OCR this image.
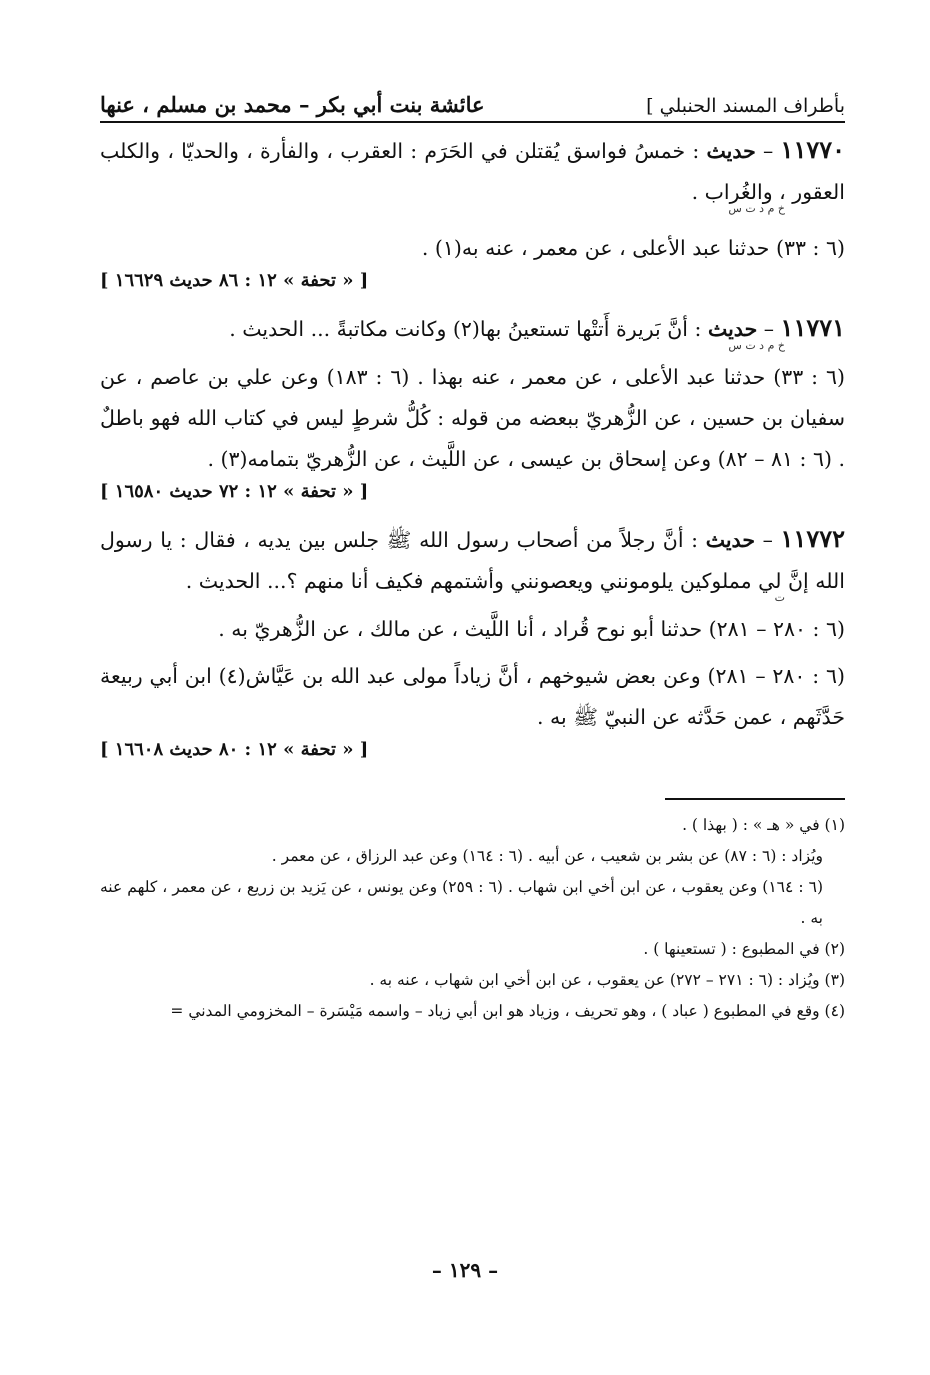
بأطراف المسند الحنبلي ]
عائشة بنت أبي بكر – محمد بن مسلم ، عنها

١١٧٧٠ – حديث : خمسُ فواسق يُقتلن في الحَرَم : العقرب ، والفأرة ، والحديّا ، والكلب العقور ، والغُراب .

خ م د ت س

(٦ : ٣٣) حدثنا عبد الأعلى ، عن معمر ، عنه به(١) .

[ « تحفة » ١٢ : ٨٦ حديث ١٦٦٢٩ ]

١١٧٧١ – حديث : أنَّ بَريرة أَتتْها تستعينُ بها(٢) وكانت مكاتبةً ... الحديث .

خ م د ت س

(٦ : ٣٣) حدثنا عبد الأعلى ، عن معمر ، عنه بهذا . (٦ : ١٨٣) وعن علي بن عاصم ، عن سفيان بن حسين ، عن الزُّهريّ ببعضه من قوله : كُلُّ شرطٍ ليس في كتاب الله فهو باطلٌ . (٦ : ٨١ – ٨٢) وعن إسحاق بن عيسى ، عن اللَّيث ، عن الزُّهريّ بتمامه(٣) .

[ « تحفة » ١٢ : ٧٢ حديث ١٦٥٨٠ ]

١١٧٧٢ – حديث : أنَّ رجلاً من أصحاب رسول الله ﷺ جلس بين يديه ، فقال : يا رسول الله إنَّ لي مملوكين يلومونني ويعصونني وأشتمهم فكيف أنا منهم ؟... الحديث .

ت

(٦ : ٢٨٠ – ٢٨١) حدثنا أبو نوح قُراد ، أنا اللَّيث ، عن مالك ، عن الزُّهريّ به .

(٦ : ٢٨٠ – ٢٨١) وعن بعض شيوخهم ، أنَّ زياداً مولى عبد الله بن عَيَّاش(٤) ابن أبي ربيعة حَدَّثَهم ، عمن حَدَّثه عن النبيّ ﷺ به .

[ « تحفة » ١٢ : ٨٠ حديث ١٦٦٠٨ ]

(١) في « هـ » : ( بهذا ) .

ويُزاد : (٦ : ٨٧) عن بشر بن شعيب ، عن أبيه . (٦ : ١٦٤) وعن عبد الرزاق ، عن معمر .

(٦ : ١٦٤) وعن يعقوب ، عن ابن أخي ابن شهاب . (٦ : ٢٥٩) وعن يونس ، عن يَزيد بن زريع ، عن معمر ، كلهم عنه به .

(٢) في المطبوع : ( تستعينها ) .

(٣) ويُزاد : (٦ : ٢٧١ – ٢٧٢) عن يعقوب ، عن ابن أخي ابن شهاب ، عنه به .

(٤) وقع في المطبوع ( عباد ) ، وهو تحريف ، وزياد هو ابن أبي زياد – واسمه مَيْسَرة – المخزومي المدني =

– ١٢٩ –
